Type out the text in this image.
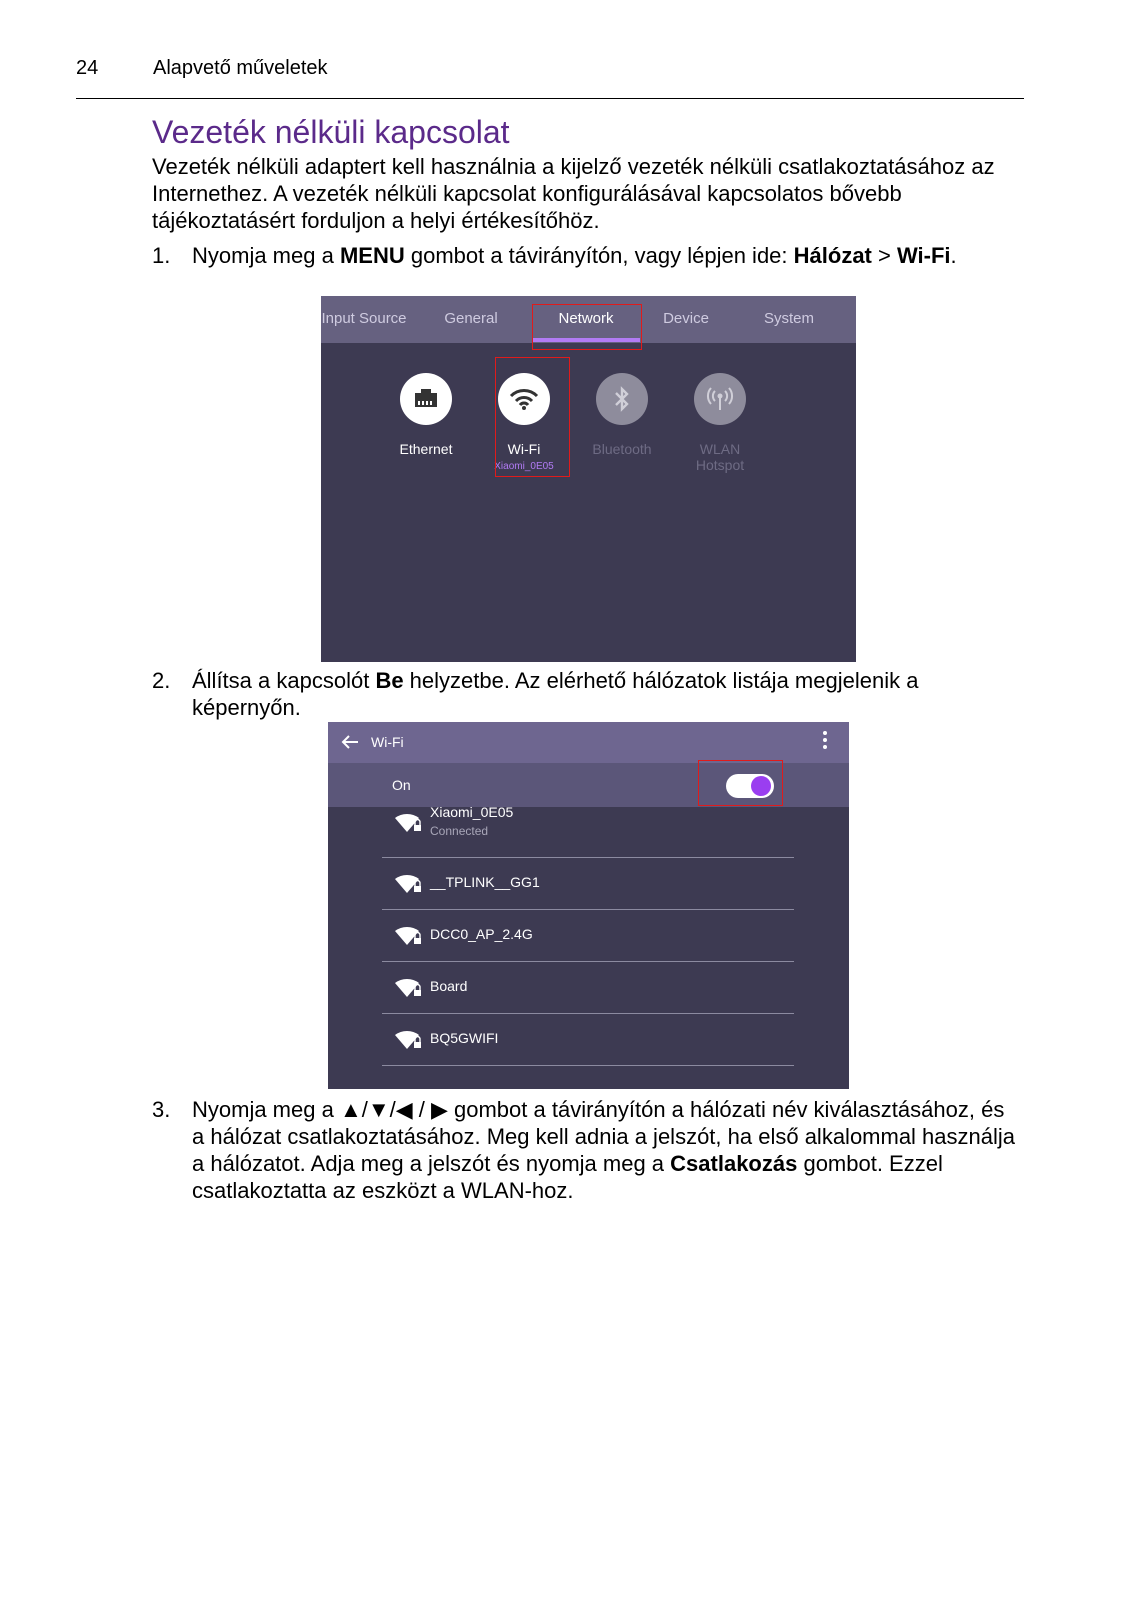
24	Alapvető műveletek
Vezeték nélküli kapcsolat
Vezeték nélküli adaptert kell használnia a kijelző vezeték nélküli csatlakoztatásához az Internethez. A vezeték nélküli kapcsolat konfigurálásával kapcsolatos bővebb tájékoztatásért forduljon a helyi értékesítőhöz.
1. Nyomja meg a MENU gombot a távirányítón, vagy lépjen ide: Hálózat > Wi-Fi.
Input Source	General	Network	Device	System
Ethernet	Wi-Fi
Xiaomi_0E05
Bluetooth	WLAN Hotspot
2. Állítsa a kapcsolót Be helyzetbe. Az elérhető hálózatok listája megjelenik a képernyőn.
Wi-Fi
On
Xiaomi_0E05
Connected
__TPLINK__GG1
DCC0_AP_2.4G
Board
BQ5GWIFI
3. Nyomja meg a ▲/▼/◀ / ▶ gombot a távirányítón a hálózati név kiválasztásához, és a hálózat csatlakoztatásához. Meg kell adnia a jelszót, ha első alkalommal használja a hálózatot. Adja meg a jelszót és nyomja meg a Csatlakozás gombot. Ezzel csatlakoztatta az eszközt a WLAN-hoz.
